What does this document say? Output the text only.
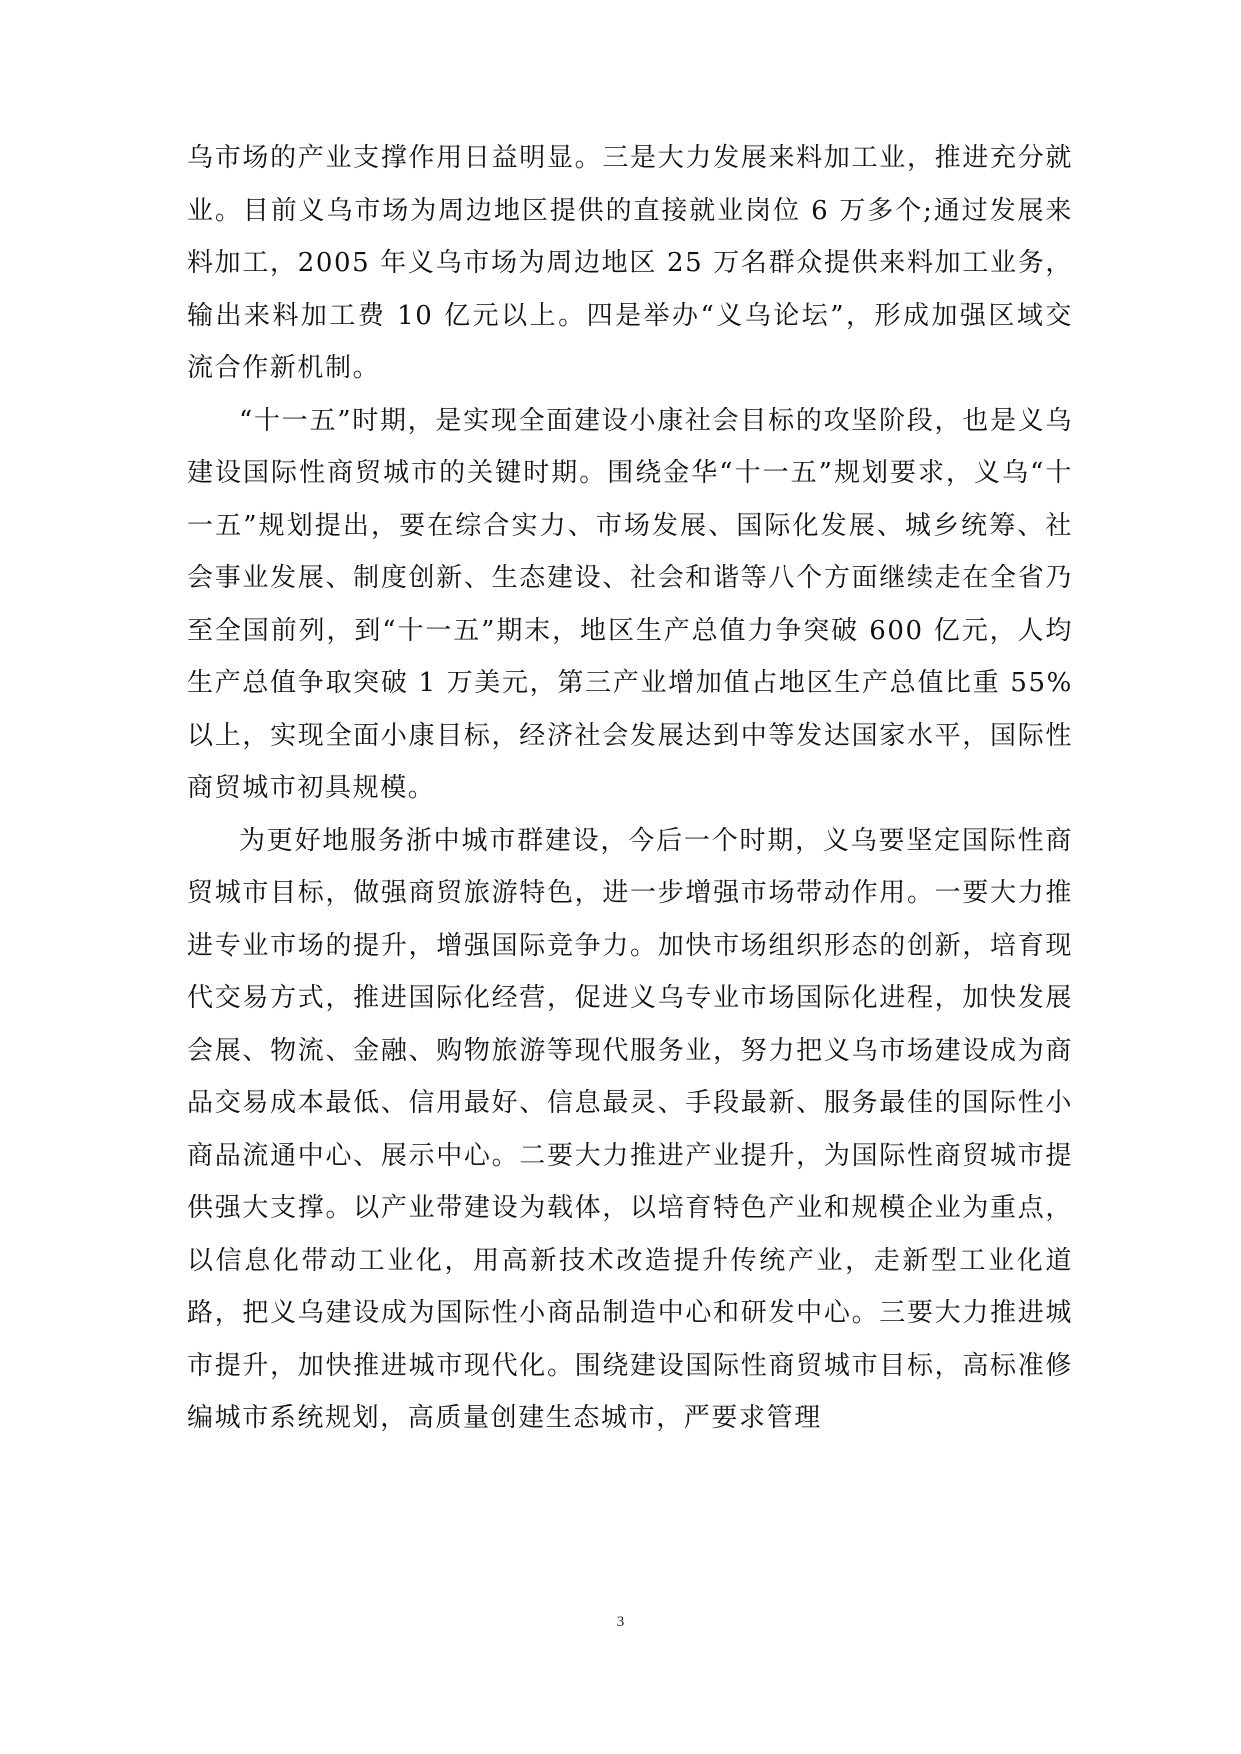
乌市场的产业支撑作用日益明显。三是大力发展来料加工业，推进充分就业。目前义乌市场为周边地区提供的直接就业岗位 6 万多个;通过发展来料加工，2005 年义乌市场为周边地区 25 万名群众提供来料加工业务，输出来料加工费 10 亿元以上。四是举办“义乌论坛”，形成加强区域交流合作新机制。

“十一五”时期，是实现全面建设小康社会目标的攻坚阶段，也是义乌建设国际性商贸城市的关键时期。围绕金华“十一五”规划要求，义乌“十一五”规划提出，要在综合实力、市场发展、国际化发展、城乡统筹、社会事业发展、制度创新、生态建设、社会和谐等八个方面继续走在全省乃至全国前列，到“十一五”期末，地区生产总值力争突破 600 亿元，人均生产总值争取突破 1 万美元，第三产业增加值占地区生产总值比重 55%以上，实现全面小康目标，经济社会发展达到中等发达国家水平，国际性商贸城市初具规模。

为更好地服务浙中城市群建设，今后一个时期，义乌要坚定国际性商贸城市目标，做强商贸旅游特色，进一步增强市场带动作用。一要大力推进专业市场的提升，增强国际竞争力。加快市场组织形态的创新，培育现代交易方式，推进国际化经营，促进义乌专业市场国际化进程，加快发展会展、物流、金融、购物旅游等现代服务业，努力把义乌市场建设成为商品交易成本最低、信用最好、信息最灵、手段最新、服务最佳的国际性小商品流通中心、展示中心。二要大力推进产业提升，为国际性商贸城市提供强大支撑。以产业带建设为载体，以培育特色产业和规模企业为重点，以信息化带动工业化，用高新技术改造提升传统产业，走新型工业化道路，把义乌建设成为国际性小商品制造中心和研发中心。三要大力推进城市提升，加快推进城市现代化。围绕建设国际性商贸城市目标，高标准修编城市系统规划，高质量创建生态城市，严要求管理

3
